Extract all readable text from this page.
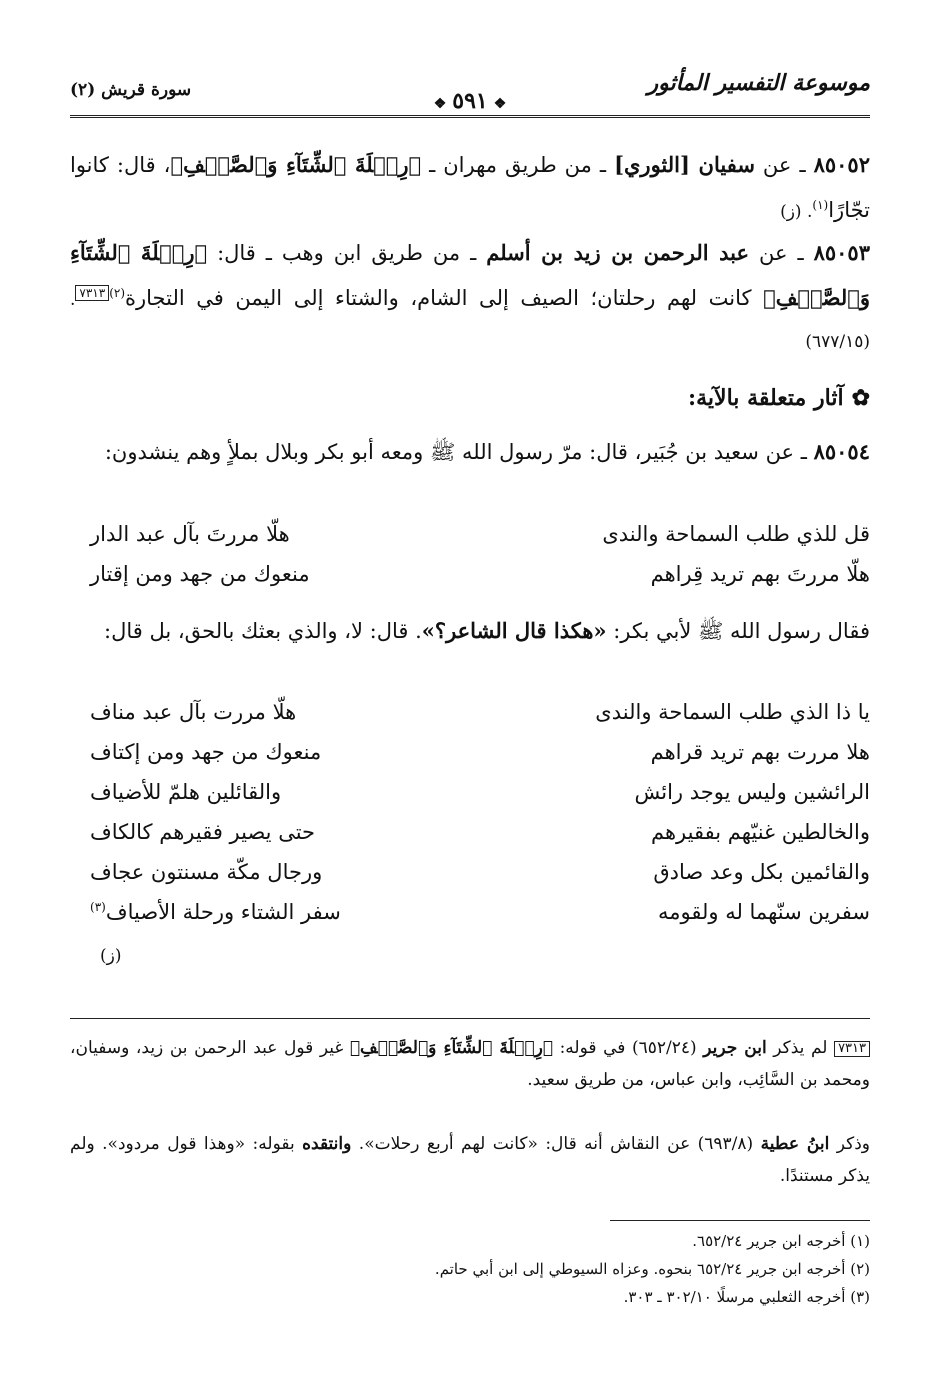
موسوعة التفسير المأثور
❖ ٥٩١ ❖
سورة قريش (٢)

٨٥٠٥٢ ـ عن سفيان [الثوري] ـ من طريق مهران ـ ﴿رِحۡلَةَ ٱلشِّتَآءِ وَٱلصَّيۡفِ﴾، قال: كانوا تجّارًا$^{(١)}$. (ز)

٨٥٠٥٣ ـ عن عبد الرحمن بن زيد بن أسلم ـ من طريق ابن وهب ـ قال: ﴿رِحۡلَةَ ٱلشِّتَآءِ وَٱلصَّيۡفِ﴾ كانت لهم رحلتان؛ الصيف إلى الشام، والشتاء إلى اليمن في التجارة$^{(٢)}$٧٣١٣. (٦٧٧/١٥)

✿آثار متعلقة بالآية:

٨٥٠٥٤ ـ عن سعيد بن جُبَير، قال: مرّ رسول الله ﷺ ومعه أبو بكر وبلال بملأٍ وهم ينشدون:

قل للذي طلب السماحة والندى
هلّا مررتَ بآل عبد الدار
هلّا مررتَ بهم تريد قِراهم
منعوك من جهد ومن إقتار

فقال رسول الله ﷺ لأبي بكر: «هكذا قال الشاعر؟». قال: لا، والذي بعثك بالحق، بل قال:

يا ذا الذي طلب السماحة والندى
هلّا مررت بآل عبد مناف
هلا مررت بهم تريد قراهم
منعوك من جهد ومن إكتاف
الرائشين وليس يوجد رائش
والقائلين هلمّ للأضياف
والخالطين غنيّهم بفقيرهم
حتى يصير فقيرهم كالكاف
والقائمين بكل وعد صادق
ورجال مكّة مسنتون عجاف
سفرين سنّهما له ولقومه
سفر الشتاء ورحلة الأصياف$^{(٣)}$
(ز)

٧٣١٣ لم يذكر ابن جرير (٦٥٢/٢٤) في قوله: ﴿رِحۡلَةَ ٱلشِّتَآءِ وَٱلصَّيۡفِ﴾ غير قول عبد الرحمن بن زيد، وسفيان، ومحمد بن السَّائِب، وابن عباس، من طريق سعيد.

وذكر ابنُ عطية (٦٩٣/٨) عن النقاش أنه قال: «كانت لهم أربع رحلات». وانتقده بقوله: «وهذا قول مردود». ولم يذكر مستندًا.

(١) أخرجه ابن جرير ٦٥٢/٢٤.

(٢) أخرجه ابن جرير ٦٥٢/٢٤ بنحوه. وعزاه السيوطي إلى ابن أبي حاتم.

(٣) أخرجه الثعلبي مرسلًا ٣٠٢/١٠ ـ ٣٠٣.
